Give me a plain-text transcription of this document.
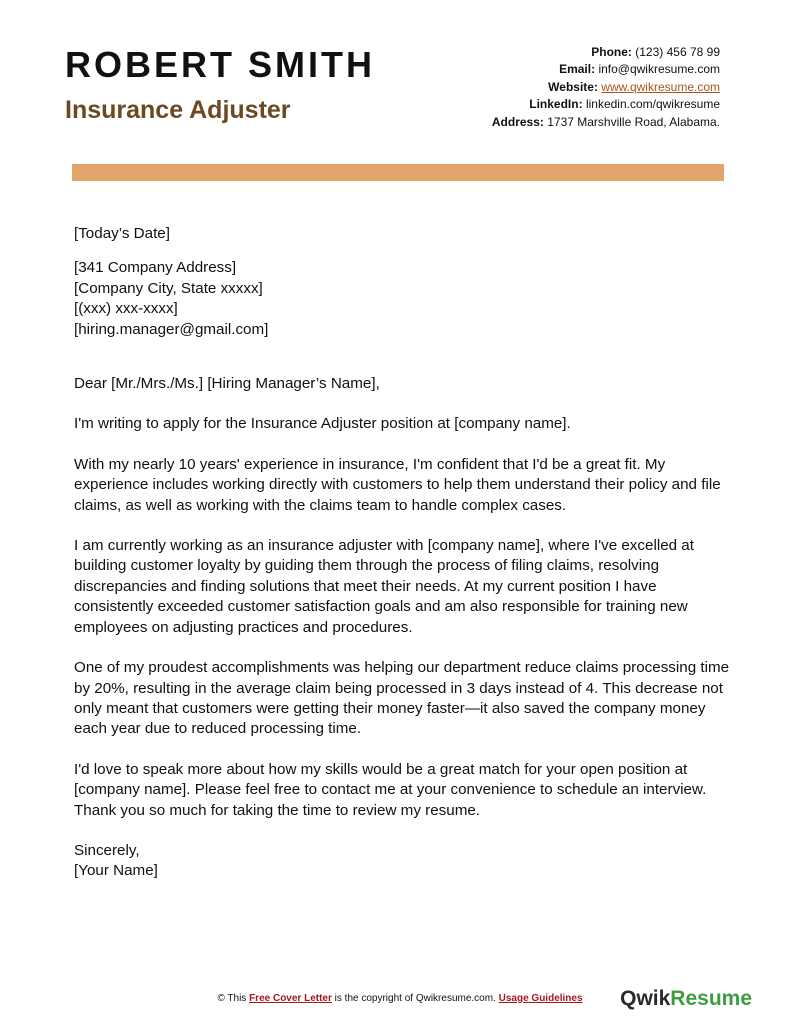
ROBERT SMITH
Insurance Adjuster
Phone: (123) 456 78 99
Email: info@qwikresume.com
Website: www.qwikresume.com
LinkedIn: linkedin.com/qwikresume
Address: 1737 Marshville Road, Alabama.

[Today’s Date]

[341 Company Address]

[Company City, State xxxxx]

[(xxx) xxx-xxxx]

[hiring.manager@gmail.com]

Dear [Mr./Mrs./Ms.] [Hiring Manager’s Name],

I'm writing to apply for the Insurance Adjuster position at [company name].

With my nearly 10 years' experience in insurance, I'm confident that I'd be a great fit. My experience includes working directly with customers to help them understand their policy and file claims, as well as working with the claims team to handle complex cases.

I am currently working as an insurance adjuster with [company name], where I've excelled at building customer loyalty by guiding them through the process of filing claims, resolving discrepancies and finding solutions that meet their needs. At my current position I have consistently exceeded customer satisfaction goals and am also responsible for training new employees on adjusting practices and procedures.

One of my proudest accomplishments was helping our department reduce claims processing time by 20%, resulting in the average claim being processed in 3 days instead of 4. This decrease not only meant that customers were getting their money faster—it also saved the company money each year due to reduced processing time.

I'd love to speak more about how my skills would be a great match for your open position at [company name]. Please feel free to contact me at your convenience to schedule an interview. Thank you so much for taking the time to review my resume.

Sincerely,

[Your Name]

© This Free Cover Letter is the copyright of Qwikresume.com. Usage Guidelines	QwikResume
